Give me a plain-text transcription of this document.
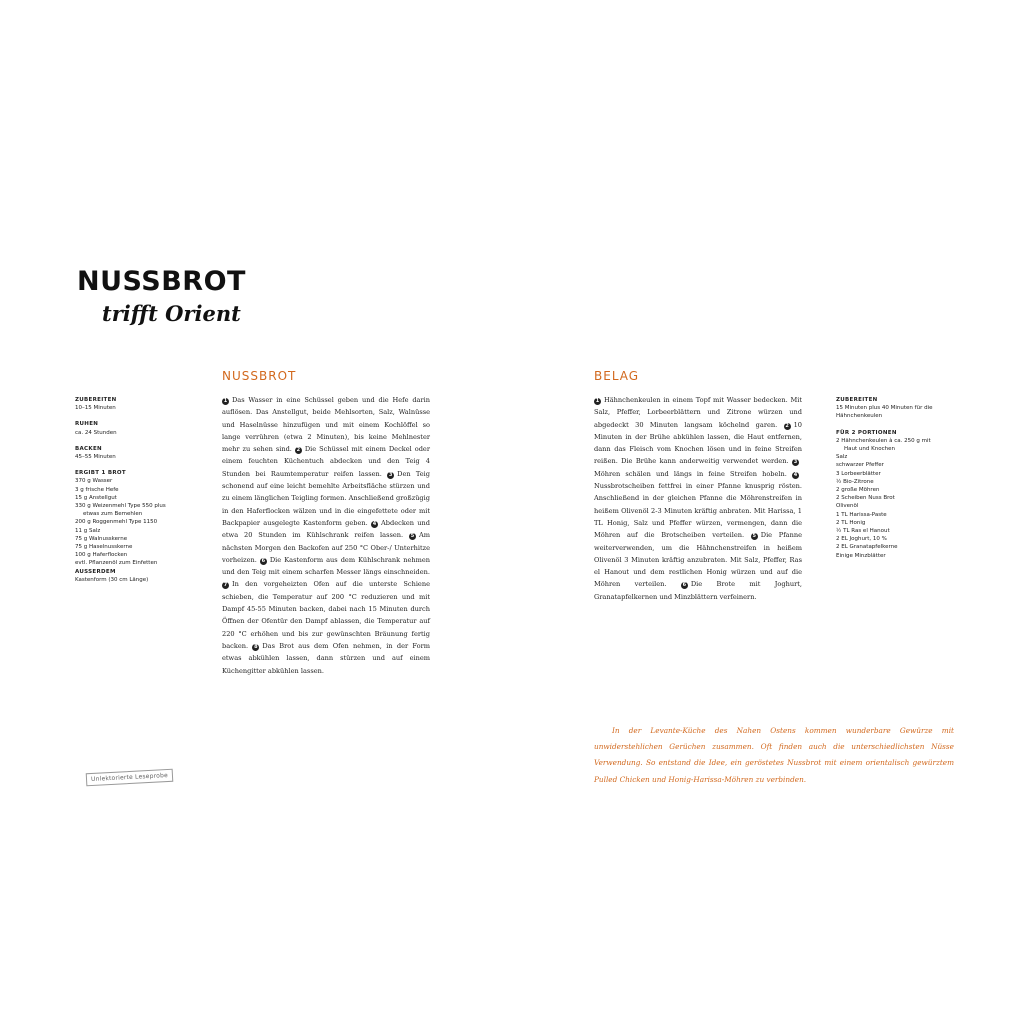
NUSSBROT
trifft Orient
NUSSBROT
ZUBEREITEN
10–15 Minuten
RUHEN
ca. 24 Stunden
BACKEN
45–55 Minuten
ERGIBT 1 BROT
370 g Wasser
3 g frische Hefe
15 g Anstellgut
330 g Weizenmehl Type 550 plus
etwas zum Bemehlen
200 g Roggenmehl Type 1150
11 g Salz
75 g Walnusskerne
75 g Haselnusskerne
100 g Haferflocken
evtl. Pflanzenöl zum Einfetten
AUSSERDEM
Kastenform (30 cm Länge)
1 Das Wasser in eine Schüssel geben und die Hefe darin auflösen. Das Anstellgut, beide Mehlsorten, Salz, Walnüsse und Haselnüsse hinzufügen und mit einem Kochlöffel so lange verrühren (etwa 2 Minuten), bis keine Mehlnester mehr zu sehen sind. 2 Die Schüssel mit einem Deckel oder einem feuchten Küchentuch abdecken und den Teig 4 Stunden bei Raumtemperatur reifen lassen. 3 Den Teig schonend auf eine leicht bemehlte Arbeitsfläche stürzen und zu einem länglichen Teigling formen. Anschließend großzügig in den Haferflocken wälzen und in die eingefettete oder mit Backpapier ausgelegte Kastenform geben. 4 Abdecken und etwa 20 Stunden im Kühlschrank reifen lassen. 5 Am nächsten Morgen den Backofen auf 250 °C Ober-/ Unterhitze vorheizen. 6 Die Kastenform aus dem Kühlschrank nehmen und den Teig mit einem scharfen Messer längs einschneiden. 7 In den vorgeheizten Ofen auf die unterste Schiene schieben, die Temperatur auf 200 °C reduzieren und mit Dampf 45-55 Minuten backen, dabei nach 15 Minuten durch Öffnen der Ofentür den Dampf ablassen, die Temperatur auf 220 °C erhöhen und bis zur gewünschten Bräunung fertig backen. 8 Das Brot aus dem Ofen nehmen, in der Form etwas abkühlen lassen, dann stürzen und auf einem Küchengitter abkühlen lassen.
BELAG
1 Hähnchenkeulen in einem Topf mit Wasser bedecken. Mit Salz, Pfeffer, Lorbeerblättern und Zitrone würzen und abgedeckt 30 Minuten langsam köchelnd garen. 2 10 Minuten in der Brühe abkühlen lassen, die Haut entfernen, dann das Fleisch vom Knochen lösen und in feine Streifen reißen. Die Brühe kann anderweitig verwendet werden. 3Möhren schälen und längs in feine Streifen hobeln. 4Nussbrotscheiben fettfrei in einer Pfanne knusprig rösten. Anschließend in der gleichen Pfanne die Möhrenstreifen in heißem Olivenöl 2-3 Minuten kräftig anbraten. Mit Harissa, 1 TL Honig, Salz und Pfeffer würzen, vermengen, dann die Möhren auf die Brotscheiben verteilen. 5 Die Pfanne weiterverwenden, um die Hähnchenstreifen in heißem Olivenöl 3 Minuten kräftig anzubraten. Mit Salz, Pfeffer, Ras el Hanout und dem restlichen Honig würzen und auf die Möhren verteilen. 6 Die Brote mit Joghurt, Granatapfelkernen und Minzblättern verfeinern.
ZUBEREITEN
15 Minuten plus 40 Minuten für die Hähnchenkeulen
FÜR 2 PORTIONEN
2 Hähnchenkeulen à ca. 250 g mit
Haut und Knochen
Salz
schwarzer Pfeffer
3 Lorbeerblätter
½ Bio-Zitrone
2 große Möhren
2 Scheiben Nuss Brot
Olivenöl
1 TL Harissa-Paste
2 TL Honig
½ TL Ras el Hanout
2 EL Joghurt, 10 %
2 EL Granatapfelkerne
Einige Minzblätter
In der Levante-Küche des Nahen Ostens kommen wunderbare Gewürze mit unwiderstehlichen Gerüchen zusammen. Oft finden auch die unterschiedlichsten Nüsse Verwendung. So entstand die Idee, ein geröstetes Nussbrot mit einem orientalisch gewürztem Pulled Chicken und Honig-Harissa-Möhren zu verbinden.
Unlektorierte Leseprobe
